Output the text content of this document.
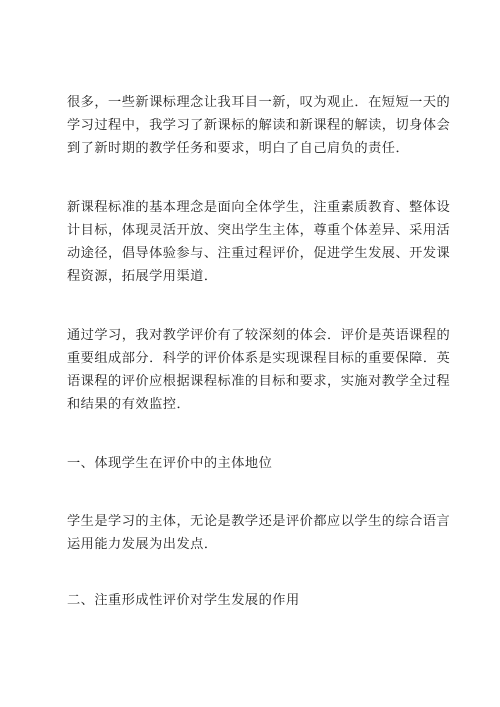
很多，一些新课标理念让我耳目一新，叹为观止．在短短一天的
学习过程中，我学习了新课标的解读和新课程的解读，切身体会
到了新时期的教学任务和要求，明白了自己肩负的责任．

新课程标准的基本理念是面向全体学生，注重素质教育、整体设
计目标，体现灵活开放、突出学生主体，尊重个体差异、采用活
动途径，倡导体验参与、注重过程评价，促进学生发展、开发课
程资源，拓展学用渠道．

通过学习，我对教学评价有了较深刻的体会．评价是英语课程的
重要组成部分．科学的评价体系是实现课程目标的重要保障．英
语课程的评价应根据课程标准的目标和要求，实施对教学全过程
和结果的有效监控．

一、体现学生在评价中的主体地位

学生是学习的主体，无论是教学还是评价都应以学生的综合语言
运用能力发展为出发点．

二、注重形成性评价对学生发展的作用
